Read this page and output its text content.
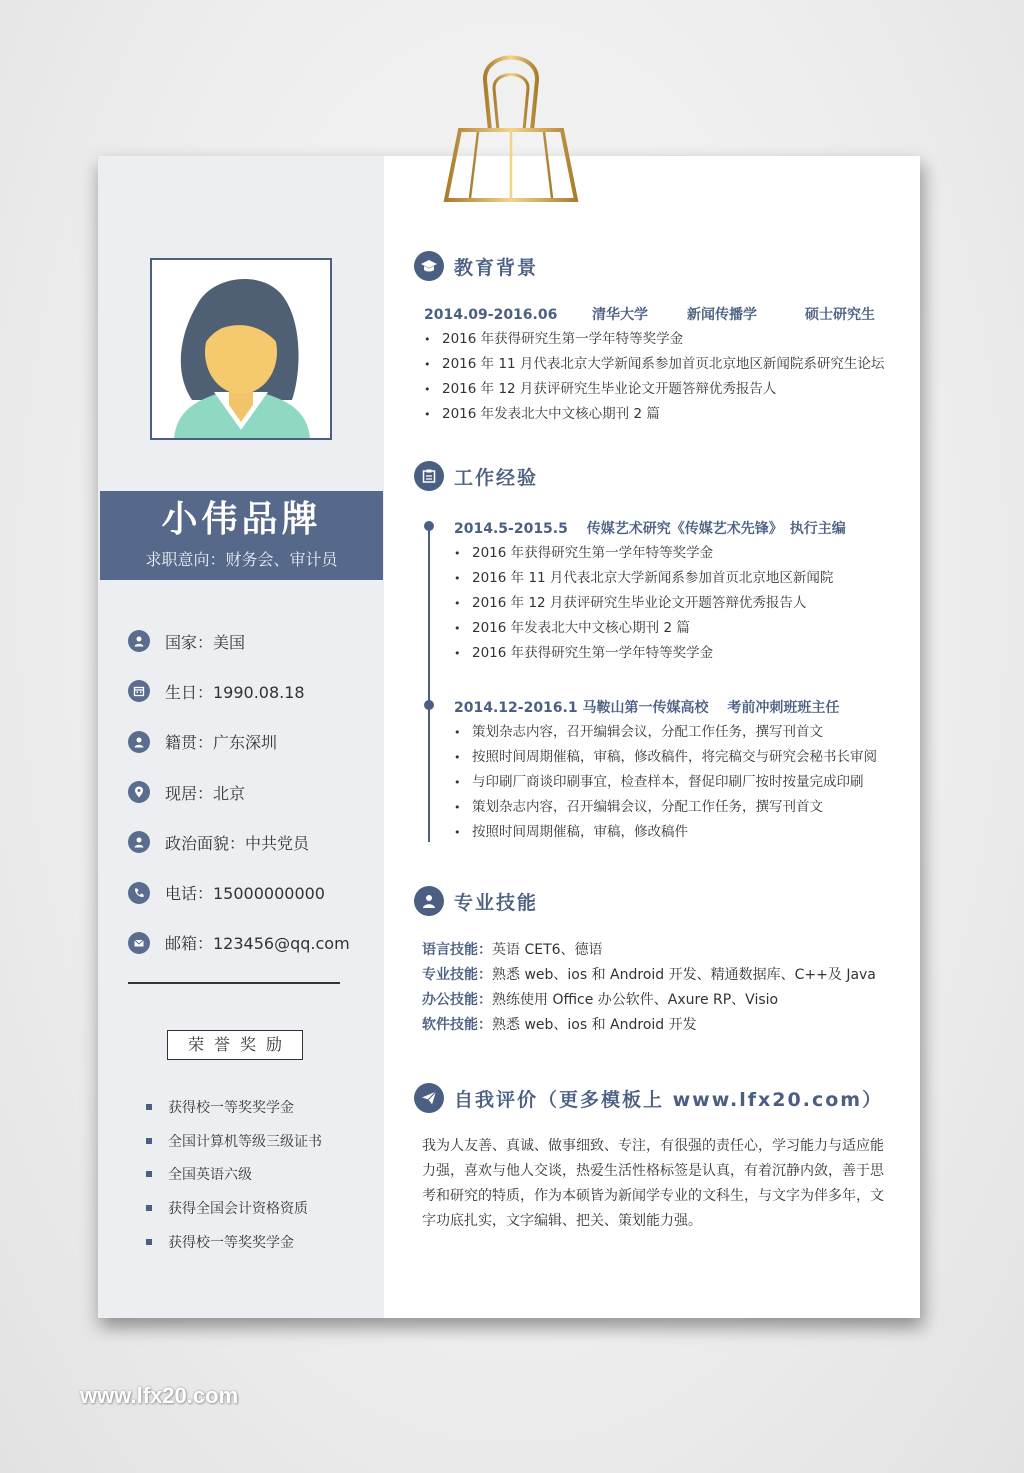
小伟品牌
求职意向：财务会、审计员
国家：美国
生日：1990.08.18
籍贯：广东深圳
现居：北京
政治面貌：中共党员
电话：15000000000
邮箱：123456@qq.com
荣誉奖励
获得校一等奖奖学金
全国计算机等级三级证书
全国英语六级
获得全国会计资格资质
获得校一等奖奖学金
教育背景
2014.09-2016.06 清华大学	新闻传播学	硕士研究生
• 2016 年获得研究生第一学年特等奖学金
• 2016 年 11 月代表北京大学新闻系参加首页北京地区新闻院系研究生论坛
• 2016 年 12 月获评研究生毕业论文开题答辩优秀报告人
• 2016 年发表北大中文核心期刊 2 篇
工作经验
2014.5-2015.5　 传媒艺术研究《传媒艺术先锋》　执行主编
• 2016 年获得研究生第一学年特等奖学金
• 2016 年 11 月代表北京大学新闻系参加首页北京地区新闻院
• 2016 年 12 月获评研究生毕业论文开题答辩优秀报告人
• 2016 年发表北大中文核心期刊 2 篇
• 2016 年获得研究生第一学年特等奖学金
2014.12-2016.1 马鞍山第一传媒高校　 考前冲刺班班主任
• 策划杂志内容，召开编辑会议，分配工作任务，撰写刊首文
• 按照时间周期催稿，审稿，修改稿件，将完稿交与研究会秘书长审阅
• 与印刷厂商谈印刷事宜，检查样本，督促印刷厂按时按量完成印刷
• 策划杂志内容，召开编辑会议，分配工作任务，撰写刊首文
• 按照时间周期催稿，审稿，修改稿件
专业技能
语言技能：英语 CET6、德语
专业技能：熟悉 web、ios 和 Android 开发、精通数据库、C++及 Java
办公技能：熟练使用 Office 办公软件、Axure RP、Visio
软件技能：熟悉 web、ios 和 Android 开发
自我评价（更多模板上 www.lfx20.com）
我为人友善、真诚、做事细致、专注，有很强的责任心，学习能力与适应能力强，喜欢与他人交谈，热爱生活性格标签是认真，有着沉静内敛，善于思考和研究的特质，作为本硕皆为新闻学专业的文科生，与文字为伴多年，文字功底扎实，文字编辑、把关、策划能力强。
www.lfx20.com
